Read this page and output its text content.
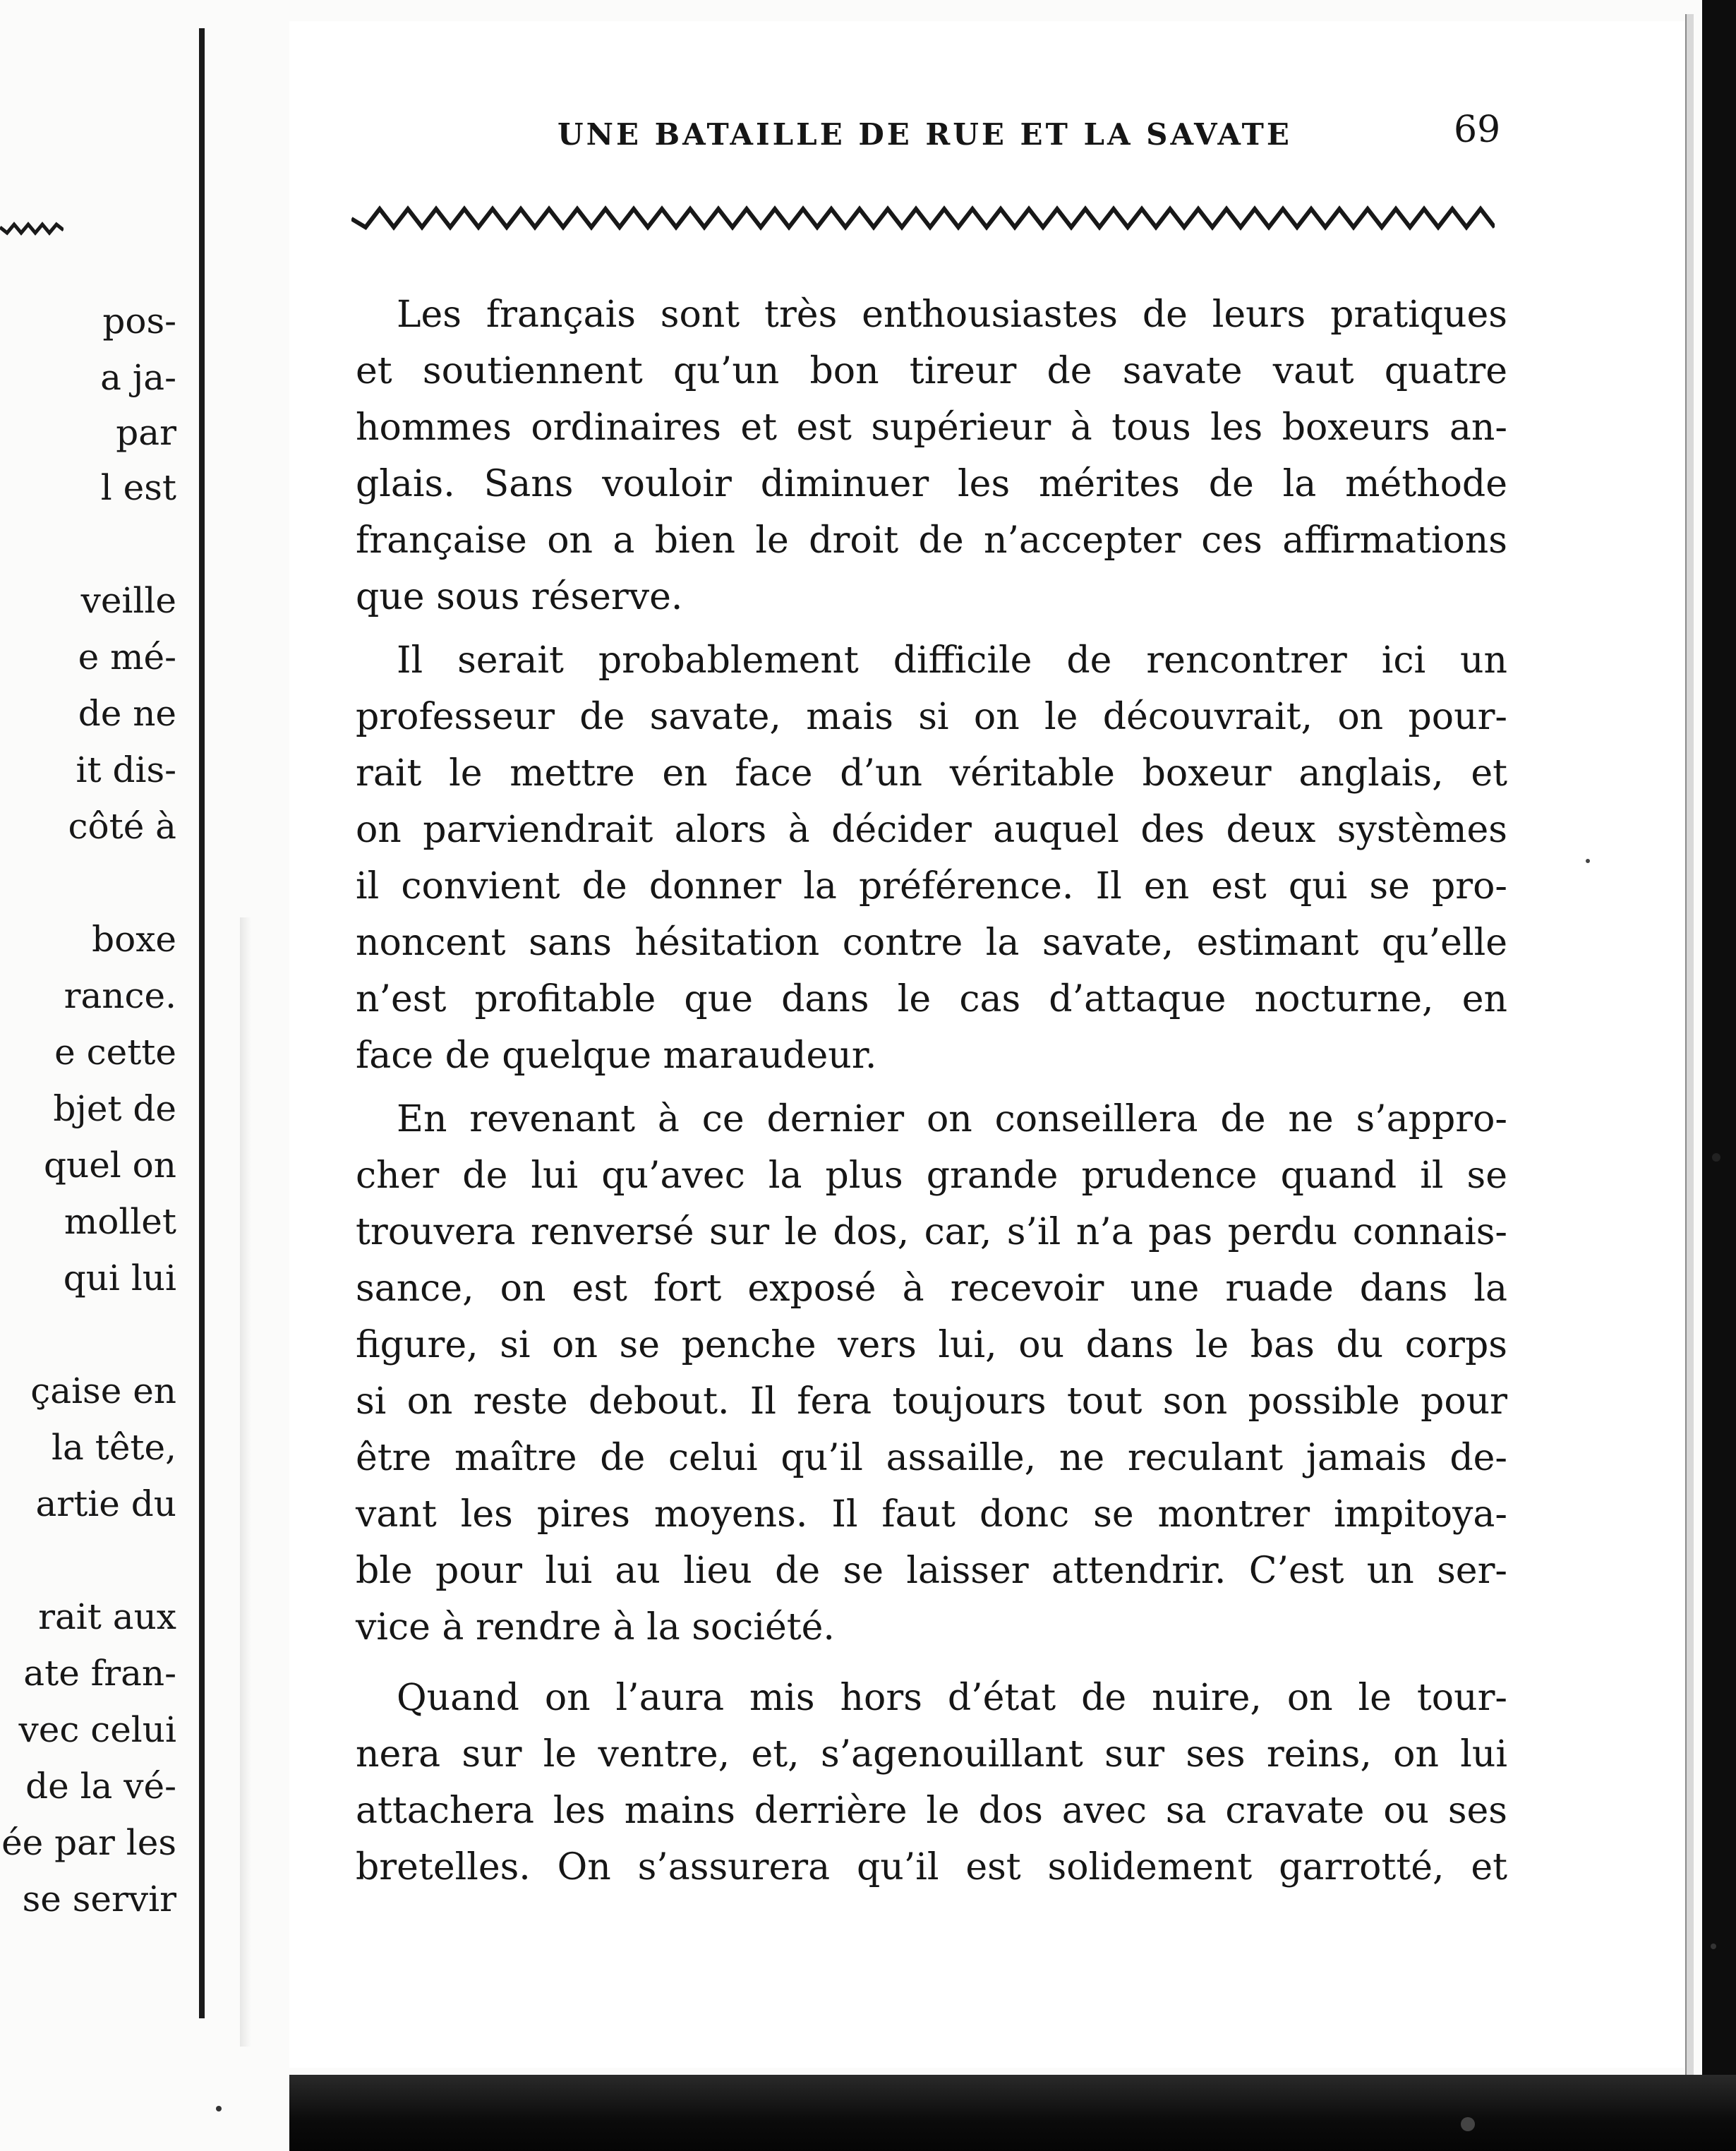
pos-
a ja-
par
l est
veille
e mé-
de ne
it dis-
côté à
boxe
rance.
e cette
bjet de
quel on
mollet
qui lui
çaise en
la tête,
artie du
rait aux
ate fran-
vec celui
de la vé-
ée par les
se servir
UNE BATAILLE DE RUE ET LA SAVATE	69
Les français sont très enthousiastes de leurs pratiques
et soutiennent qu’un bon tireur de savate vaut quatre
hommes ordinaires et est supérieur à tous les boxeurs an-
glais. Sans vouloir diminuer les mérites de la méthode
française on a bien le droit de n’accepter ces affirmations
que sous réserve.
Il serait probablement difficile de rencontrer ici un
professeur de savate, mais si on le découvrait, on pour-
rait le mettre en face d’un véritable boxeur anglais, et
on parviendrait alors à décider auquel des deux systèmes
il convient de donner la préférence. Il en est qui se pro-
noncent sans hésitation contre la savate, estimant qu’elle
n’est profitable que dans le cas d’attaque nocturne, en
face de quelque maraudeur.
En revenant à ce dernier on conseillera de ne s’appro-
cher de lui qu’avec la plus grande prudence quand il se
trouvera renversé sur le dos, car, s’il n’a pas perdu connais-
sance, on est fort exposé à recevoir une ruade dans la
figure, si on se penche vers lui, ou dans le bas du corps
si on reste debout. Il fera toujours tout son possible pour
être maître de celui qu’il assaille, ne reculant jamais de-
vant les pires moyens. Il faut donc se montrer impitoya-
ble pour lui au lieu de se laisser attendrir. C’est un ser-
vice à rendre à la société.
Quand on l’aura mis hors d’état de nuire, on le tour-
nera sur le ventre, et, s’agenouillant sur ses reins, on lui
attachera les mains derrière le dos avec sa cravate ou ses
bretelles. On s’assurera qu’il est solidement garrotté, et
